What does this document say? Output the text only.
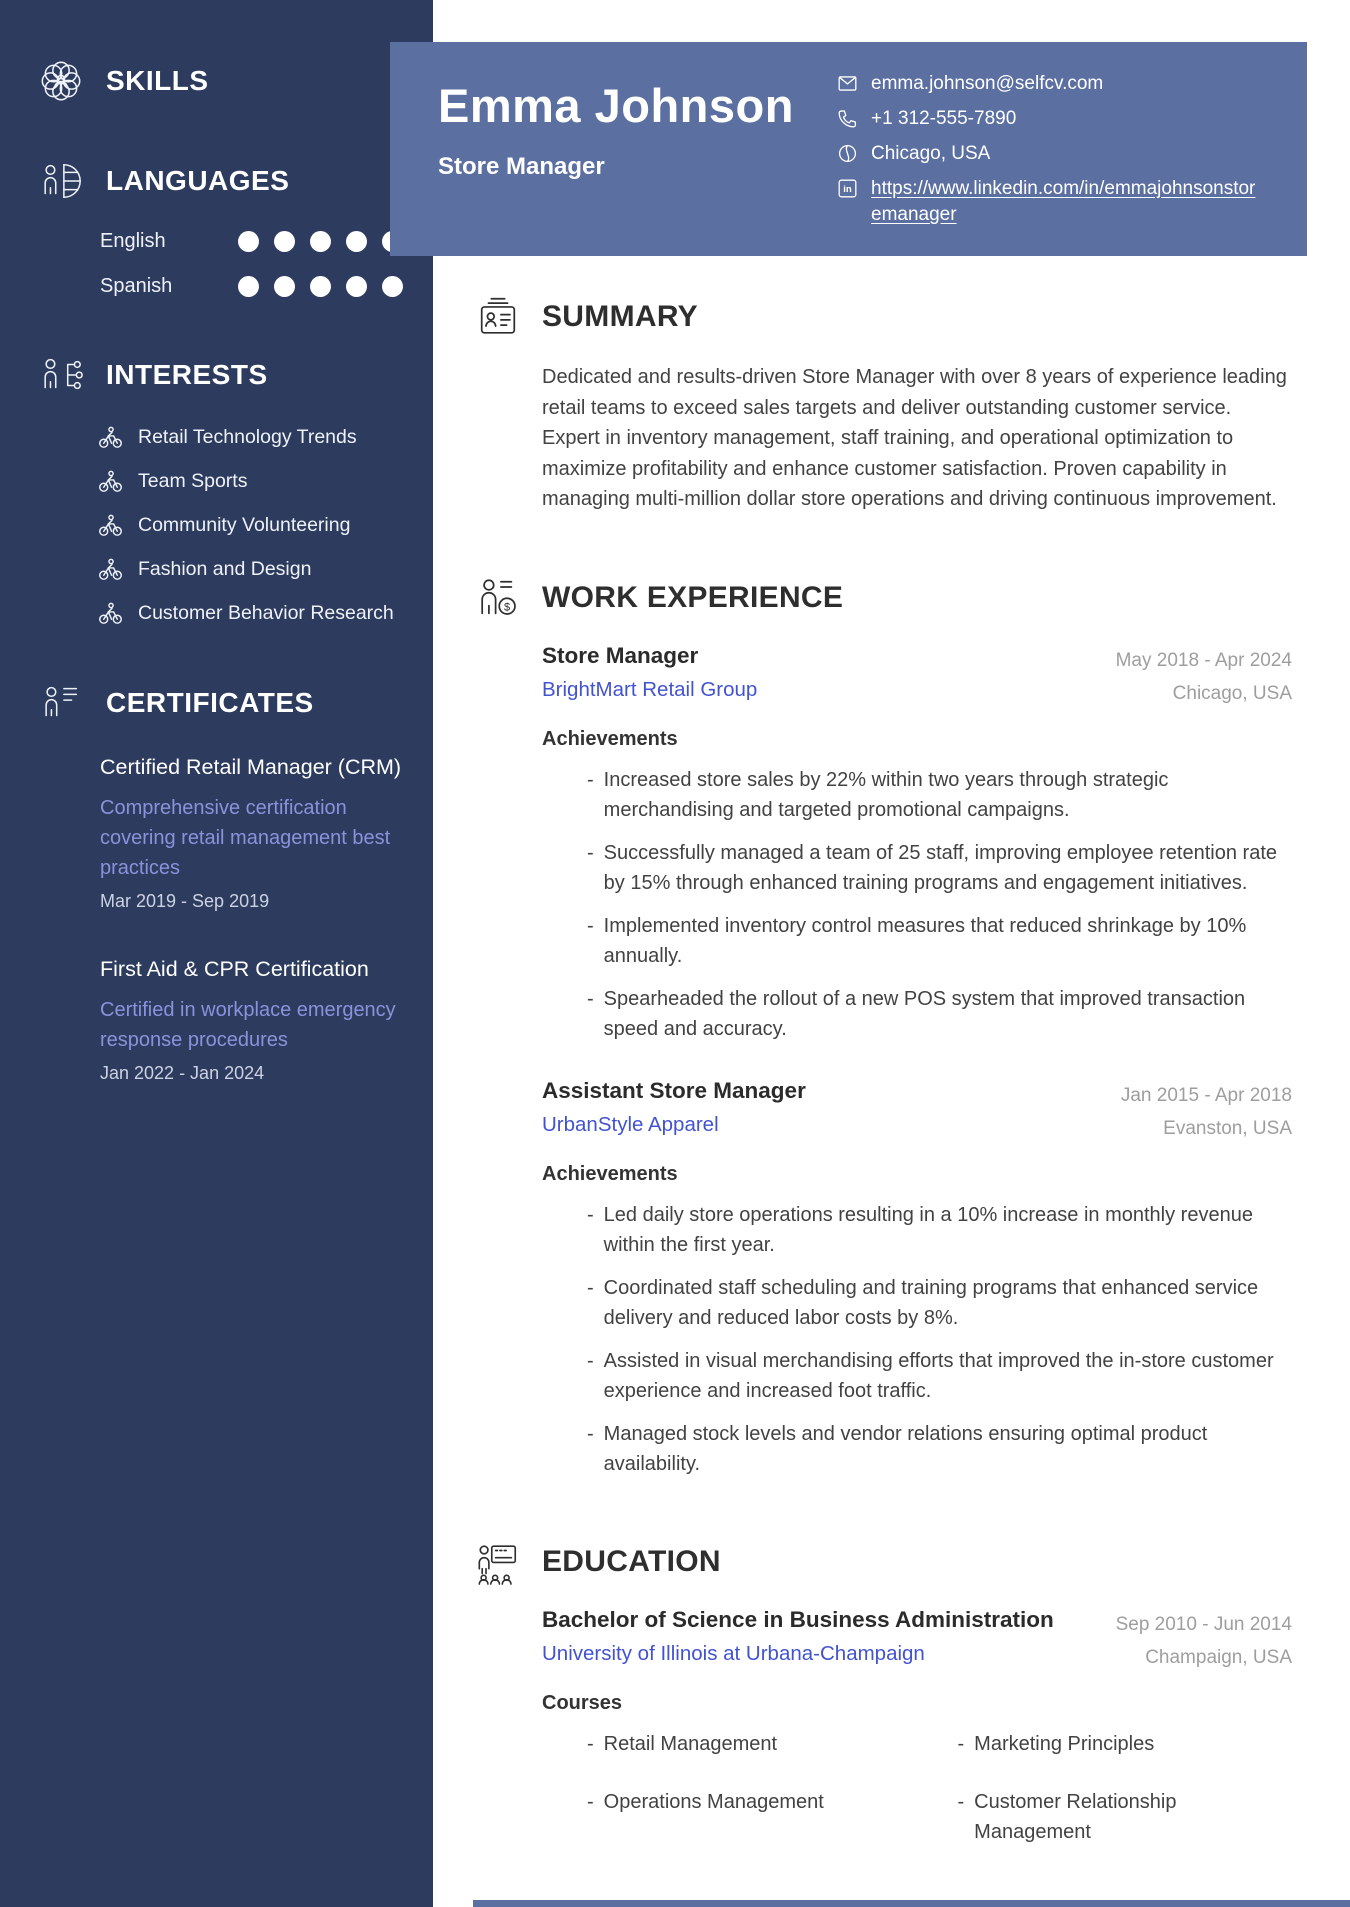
SKILLS
LANGUAGES
English
Spanish
INTERESTS
Retail Technology Trends
Team Sports
Community Volunteering
Fashion and Design
Customer Behavior Research
CERTIFICATES
Certified Retail Manager (CRM)

Comprehensive certification covering retail management best practices

Mar 2019 - Sep 2019
First Aid & CPR Certification

Certified in workplace emergency response procedures

Jan 2022 - Jan 2024
Emma Johnson
Store Manager
emma.johnson@selfcv.com
+1 312-555-7890
Chicago, USA
in https://www.linkedin.com/in/emmajohnsonstoremanager
SUMMARY

Dedicated and results-driven Store Manager with over 8 years of experience leading retail teams to exceed sales targets and deliver outstanding customer service. Expert in inventory management, staff training, and operational optimization to maximize profitability and enhance customer satisfaction. Proven capability in managing multi-million dollar store operations and driving continuous improvement.

$ WORK EXPERIENCE
Store Manager
BrightMart Retail Group
May 2018 - Apr 2024
Chicago, USA
Achievements
- Increased store sales by 22% within two years through strategic merchandising and targeted promotional campaigns.
- Successfully managed a team of 25 staff, improving employee retention rate by 15% through enhanced training programs and engagement initiatives.
- Implemented inventory control measures that reduced shrinkage by 10% annually.
- Spearheaded the rollout of a new POS system that improved transaction speed and accuracy.
Assistant Store Manager
UrbanStyle Apparel
Jan 2015 - Apr 2018
Evanston, USA
Achievements
- Led daily store operations resulting in a 10% increase in monthly revenue within the first year.
- Coordinated staff scheduling and training programs that enhanced service delivery and reduced labor costs by 8%.
- Assisted in visual merchandising efforts that improved the in-store customer experience and increased foot traffic.
- Managed stock levels and vendor relations ensuring optimal product availability.
EDUCATION
Bachelor of Science in Business Administration
University of Illinois at Urbana-Champaign
Sep 2010 - Jun 2014
Champaign, USA
Courses
- Retail Management	- Marketing Principles
- Operations Management	- Customer Relationship Management
